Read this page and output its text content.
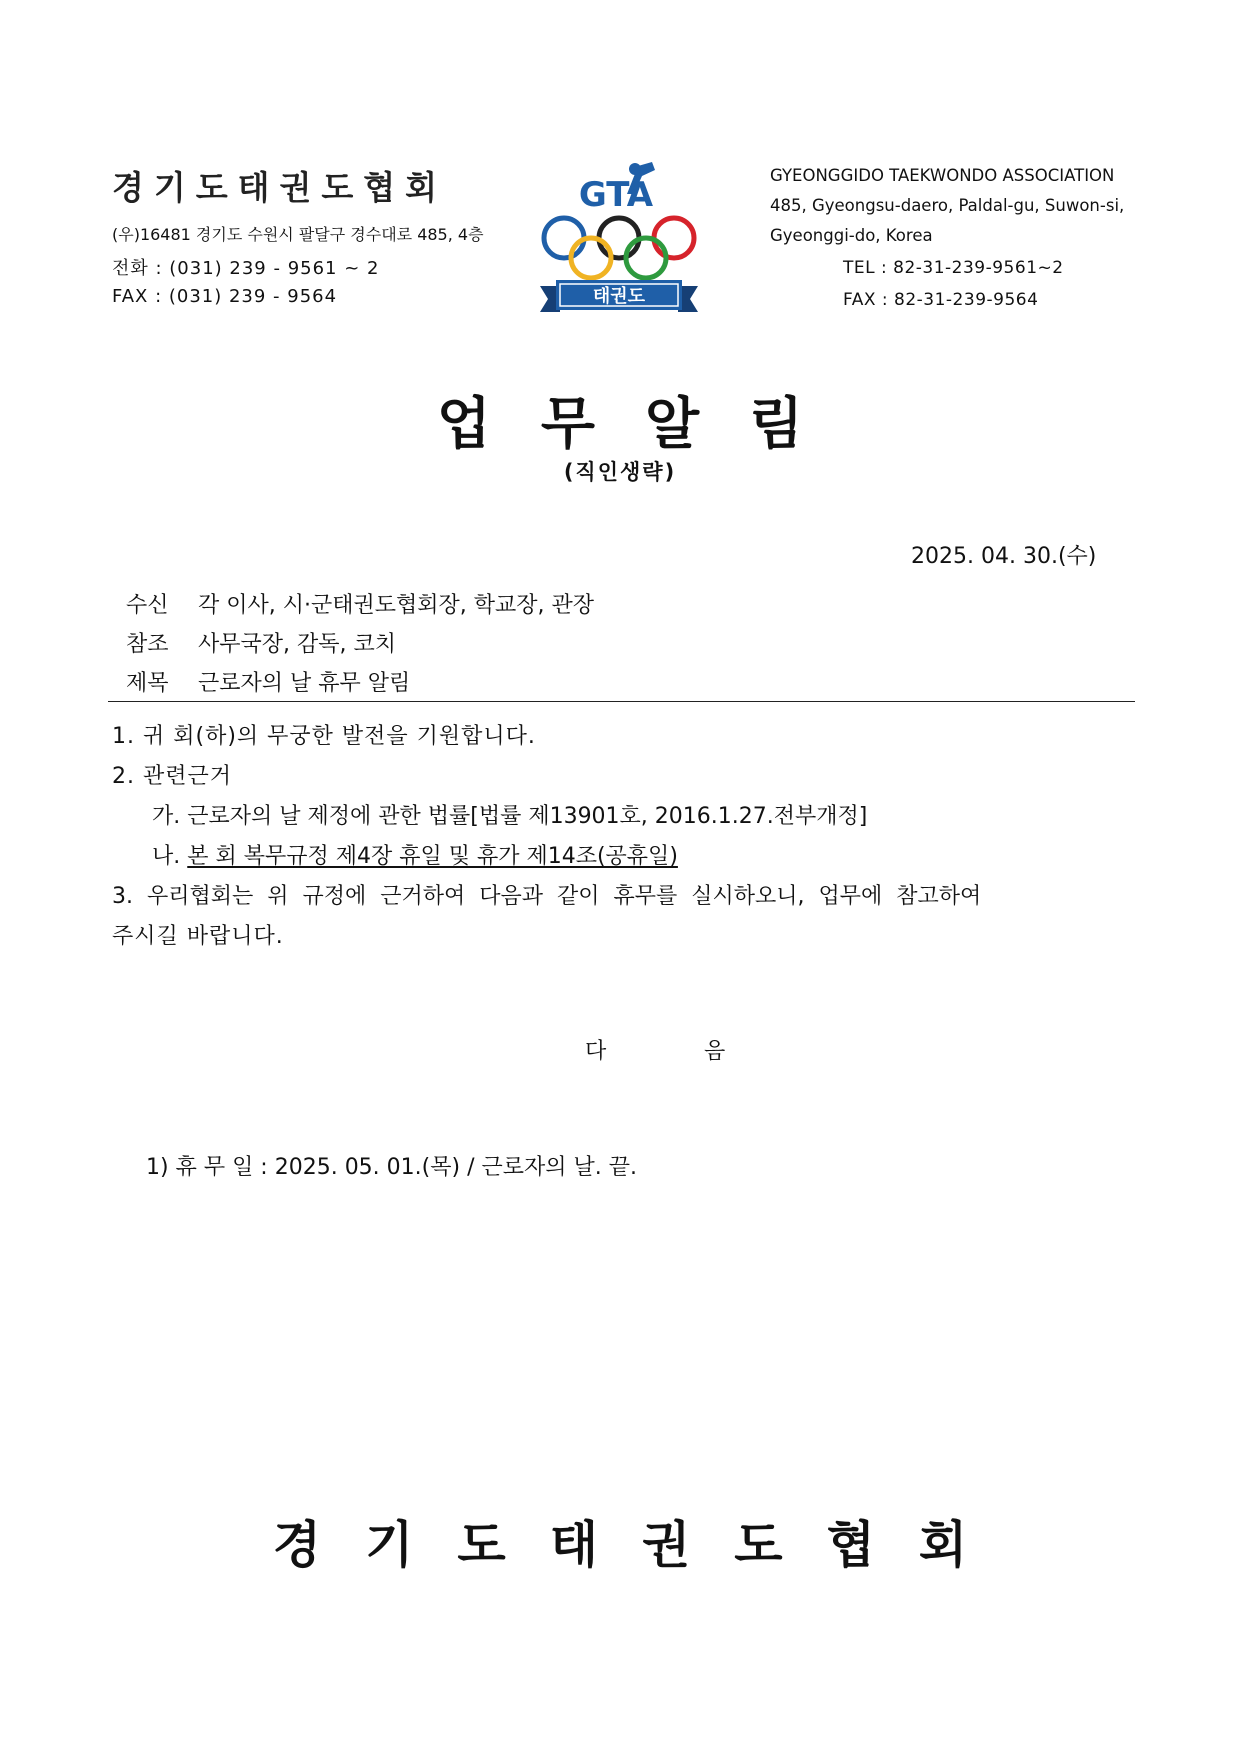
경기도태권도협회
(우)16481 경기도 수원시 팔달구 경수대로 485, 4층
전화 : (031) 239 - 9561 ~ 2
FAX : (031) 239 - 9564
GTA
태권도
GYEONGGIDO TAEKWONDO ASSOCIATION
485, Gyeongsu-daero, Paldal-gu, Suwon-si,
Gyeonggi-do, Korea
TEL : 82-31-239-9561~2
FAX : 82-31-239-9564
업무알림
(직인생략)
2025. 04. 30.(수)
수신 각 이사, 시·군태권도협회장, 학교장, 관장
참조 사무국장, 감독, 코치
제목 근로자의 날 휴무 알림
1. 귀 회(하)의 무궁한 발전을 기원합니다.
2. 관련근거
가. 근로자의 날 제정에 관한 법률[법률 제13901호, 2016.1.27.전부개정]
나. 본 회 복무규정 제4장 휴일 및 휴가 제14조(공휴일)
3. 우리협회는 위 규정에 근거하여 다음과 같이 휴무를 실시하오니, 업무에 참고하여
주시길 바랍니다.
다	음
1) 휴 무 일 : 2025. 05. 01.(목) / 근로자의 날. 끝.
경기도태권도협회
